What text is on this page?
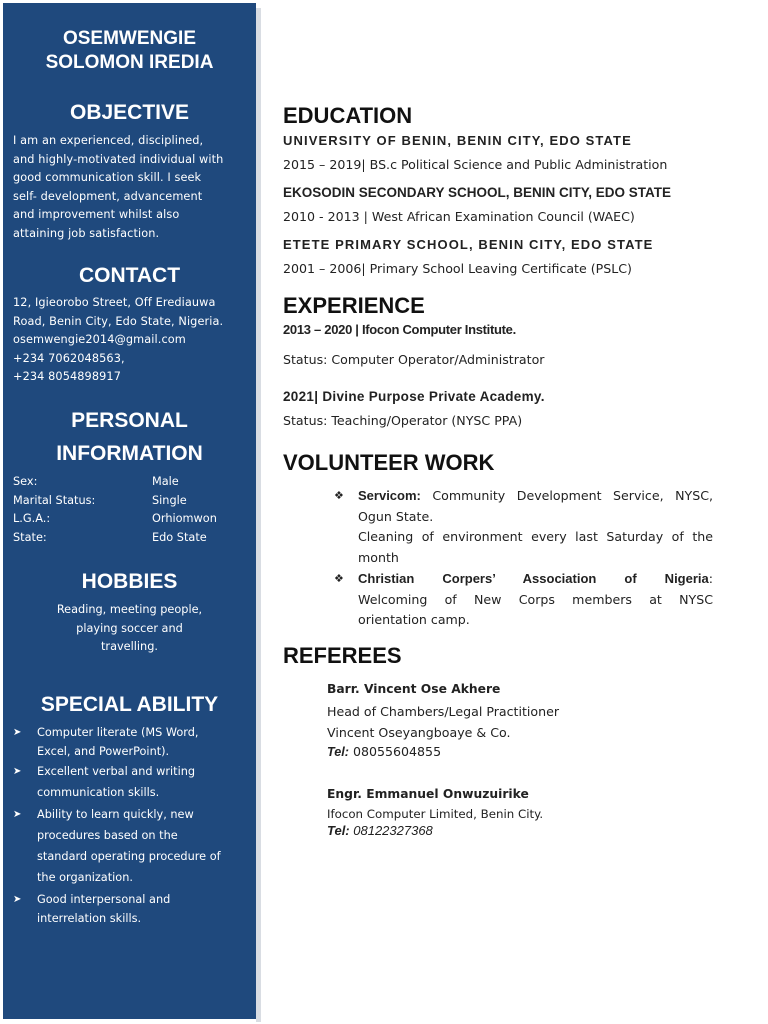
OSEMWENGIE
SOLOMON IREDIA
OBJECTIVE
I am an experienced, disciplined,
and highly-motivated individual with
good communication skill. I seek
self- development, advancement
and improvement whilst also
attaining job satisfaction.
CONTACT
12, Igieorobo Street, Off Erediauwa
Road, Benin City, Edo State, Nigeria.
osemwengie2014@gmail.com
+234 7062048563,
+234 8054898917
PERSONAL
INFORMATION
Sex:	Male
Marital Status:	Single
L.G.A.:	Orhiomwon
State:	Edo State
HOBBIES
Reading, meeting people,
playing soccer and
travelling.
SPECIAL ABILITY
➤ Computer literate (MS Word,
Excel, and PowerPoint).
➤ Excellent verbal and writing
communication skills.
➤ Ability to learn quickly, new
procedures based on the
standard operating procedure of
the organization.
➤ Good interpersonal and
interrelation skills.
EDUCATION
UNIVERSITY OF BENIN, BENIN CITY, EDO STATE
2015 – 2019| BS.c Political Science and Public Administration
EKOSODIN SECONDARY SCHOOL, BENIN CITY, EDO STATE
2010 - 2013 | West African Examination Council (WAEC)
ETETE PRIMARY SCHOOL, BENIN CITY, EDO STATE
2001 – 2006| Primary School Leaving Certificate (PSLC)
EXPERIENCE
2013 – 2020 | Ifocon Computer Institute.
Status: Computer Operator/Administrator
2021| Divine Purpose Private Academy.
Status: Teaching/Operator (NYSC PPA)
VOLUNTEER WORK
❖ Servicom: Community Development Service, NYSC,
Ogun State.
Cleaning of environment every last Saturday of the
month
❖ Christian Corpers’ Association of Nigeria:
Welcoming of New Corps members at NYSC
orientation camp.
REFEREES
Barr. Vincent Ose Akhere
Head of Chambers/Legal Practitioner
Vincent Oseyangboaye & Co.
Tel: 08055604855
Engr. Emmanuel Onwuzuirike
Ifocon Computer Limited, Benin City.
Tel: 08122327368
